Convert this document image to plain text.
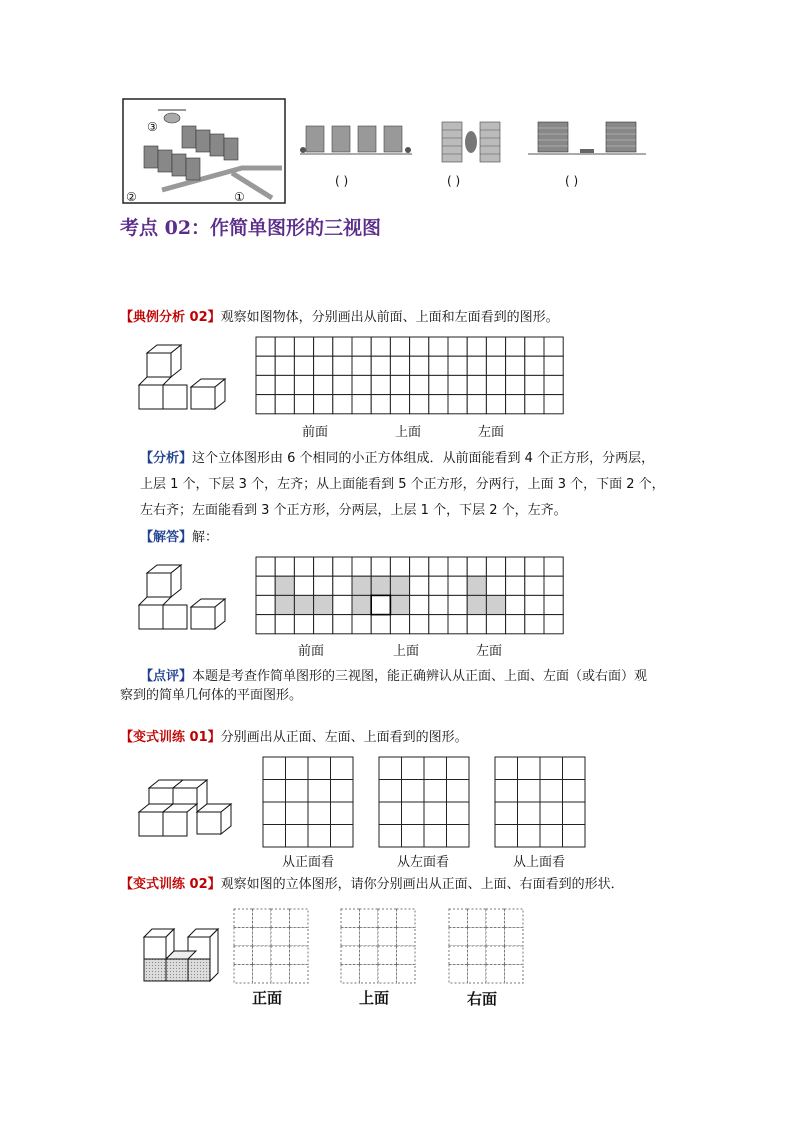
③
②	①
( )	( )	( )
考点 02：作简单图形的三视图
【典例分析 02】观察如图物体，分别画出从前面、上面和左面看到的图形。
前面	上面	左面
【分析】这个立体图形由 6 个相同的小正方体组成．从前面能看到 4 个正方形，分两层，
上层 1 个，下层 3 个，左齐；从上面能看到 5 个正方形，分两行，上面 3 个，下面 2 个，
左右齐；左面能看到 3 个正方形，分两层，上层 1 个，下层 2 个，左齐。
【解答】解：
前面	上面	左面
【点评】本题是考查作简单图形的三视图，能正确辨认从正面、上面、左面（或右面）观
察到的简单几何体的平面图形。
【变式训练 01】分别画出从正面、左面、上面看到的图形。
从正面看	从左面看	从上面看
【变式训练 02】观察如图的立体图形，请你分别画出从正面、上面、右面看到的形状．
正面	上面	右面
